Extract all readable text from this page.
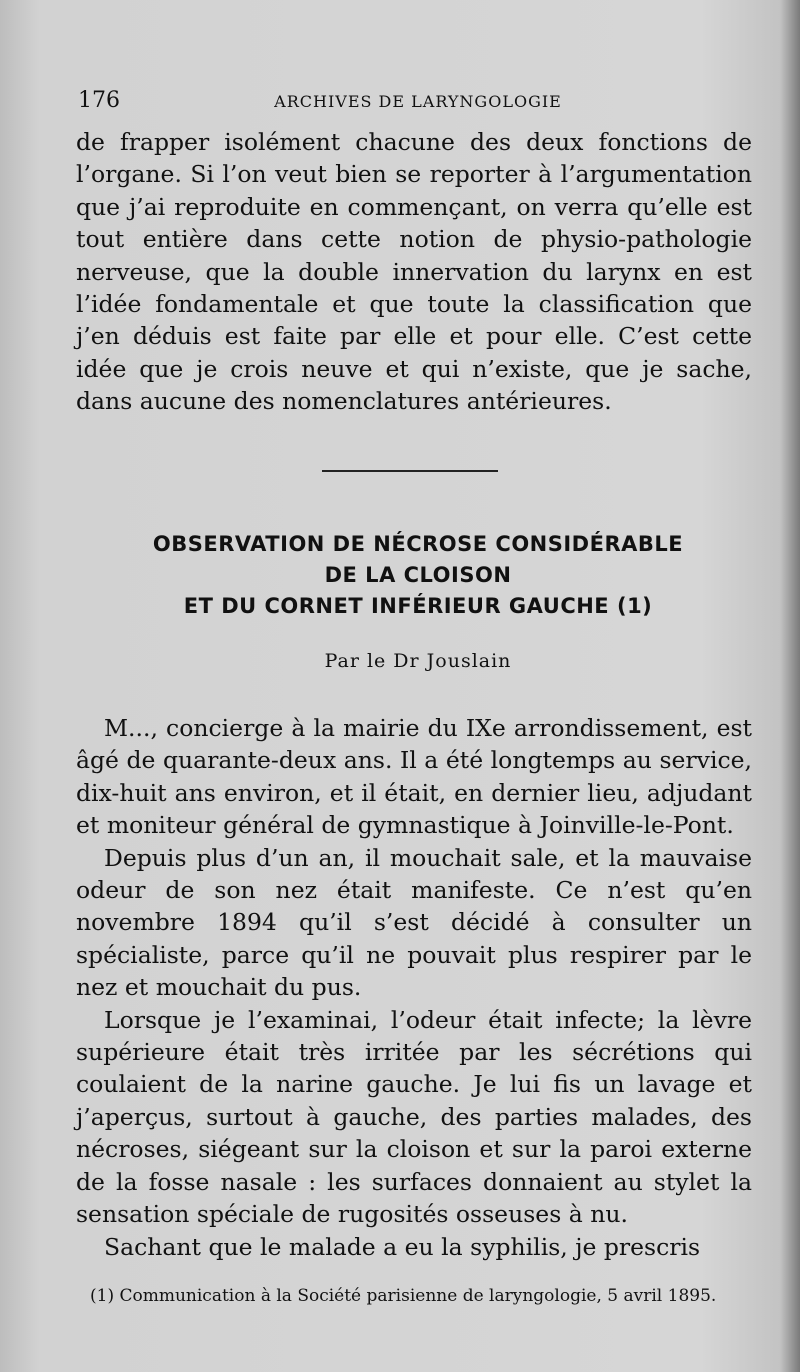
176	ARCHIVES DE LARYNGOLOGIE

de frapper isolément chacune des deux fonctions de l’organe. Si l’on veut bien se reporter à l’argumentation que j’ai reproduite en commençant, on verra qu’elle est tout entière dans cette notion de physio-pathologie nerveuse, que la double innervation du larynx en est l’idée fondamentale et que toute la classification que j’en déduis est faite par elle et pour elle. C’est cette idée que je crois neuve et qui n’existe, que je sache, dans aucune des nomenclatures antérieures.

OBSERVATION DE NÉCROSE CONSIDÉRABLE
DE LA CLOISON
ET DU CORNET INFÉRIEUR GAUCHE (1)

Par le Dr Jouslain

M..., concierge à la mairie du IXe arrondissement, est âgé de quarante-deux ans. Il a été longtemps au service, dix-huit ans environ, et il était, en dernier lieu, adjudant et moniteur général de gymnastique à Joinville-le-Pont.

Depuis plus d’un an, il mouchait sale, et la mauvaise odeur de son nez était manifeste. Ce n’est qu’en novembre 1894 qu’il s’est décidé à consulter un spécialiste, parce qu’il ne pouvait plus respirer par le nez et mouchait du pus.

Lorsque je l’examinai, l’odeur était infecte; la lèvre supérieure était très irritée par les sécrétions qui coulaient de la narine gauche. Je lui fis un lavage et j’aperçus, surtout à gauche, des parties malades, des nécroses, siégeant sur la cloison et sur la paroi externe de la fosse nasale : les surfaces donnaient au stylet la sensation spéciale de rugosités osseuses à nu.

Sachant que le malade a eu la syphilis, je prescris

(1) Communication à la Société parisienne de laryngologie, 5 avril 1895.
